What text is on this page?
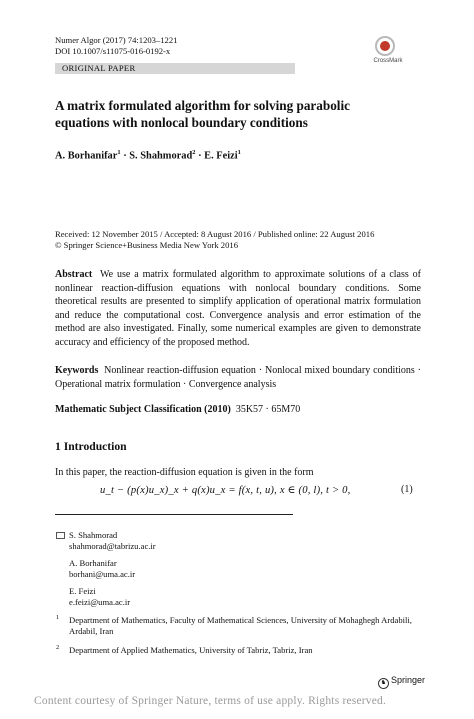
Numer Algor (2017) 74:1203–1221
DOI 10.1007/s11075-016-0192-x
CrossMark
ORIGINAL PAPER
A matrix formulated algorithm for solving parabolic equations with nonlocal boundary conditions
A. Borhanifar$^1$ · S. Shahmorad$^2$ · E. Feizi$^1$
Received: 12 November 2015 / Accepted: 8 August 2016 / Published online: 22 August 2016
© Springer Science+Business Media New York 2016
Abstract We use a matrix formulated algorithm to approximate solutions of a class of nonlinear reaction-diffusion equations with nonlocal boundary conditions. Some theoretical results are presented to simplify application of operational matrix formulation and reduce the computational cost. Convergence analysis and error estimation of the method are also investigated. Finally, some numerical examples are given to demonstrate accuracy and efficiency of the proposed method.
Keywords Nonlinear reaction-diffusion equation · Nonlocal mixed boundary conditions · Operational matrix formulation · Convergence analysis
Mathematic Subject Classification (2010) 35K57 · 65M70
1 Introduction
In this paper, the reaction-diffusion equation is given in the form
u_t − (p(x)u_x)_x + q(x)u_x = f(x, t, u), x ∈ (0, l), t > 0,	(1)
S. Shahmorad
shahmorad@tabrizu.ac.ir
A. Borhanifar
borhani@uma.ac.ir
E. Feizi
e.feizi@uma.ac.ir
1 Department of Mathematics, Faculty of Mathematical Sciences, University of Mohaghegh Ardabili, Ardabil, Iran
2 Department of Applied Mathematics, University of Tabriz, Tabriz, Iran
♞ Springer
Content courtesy of Springer Nature, terms of use apply. Rights reserved.
